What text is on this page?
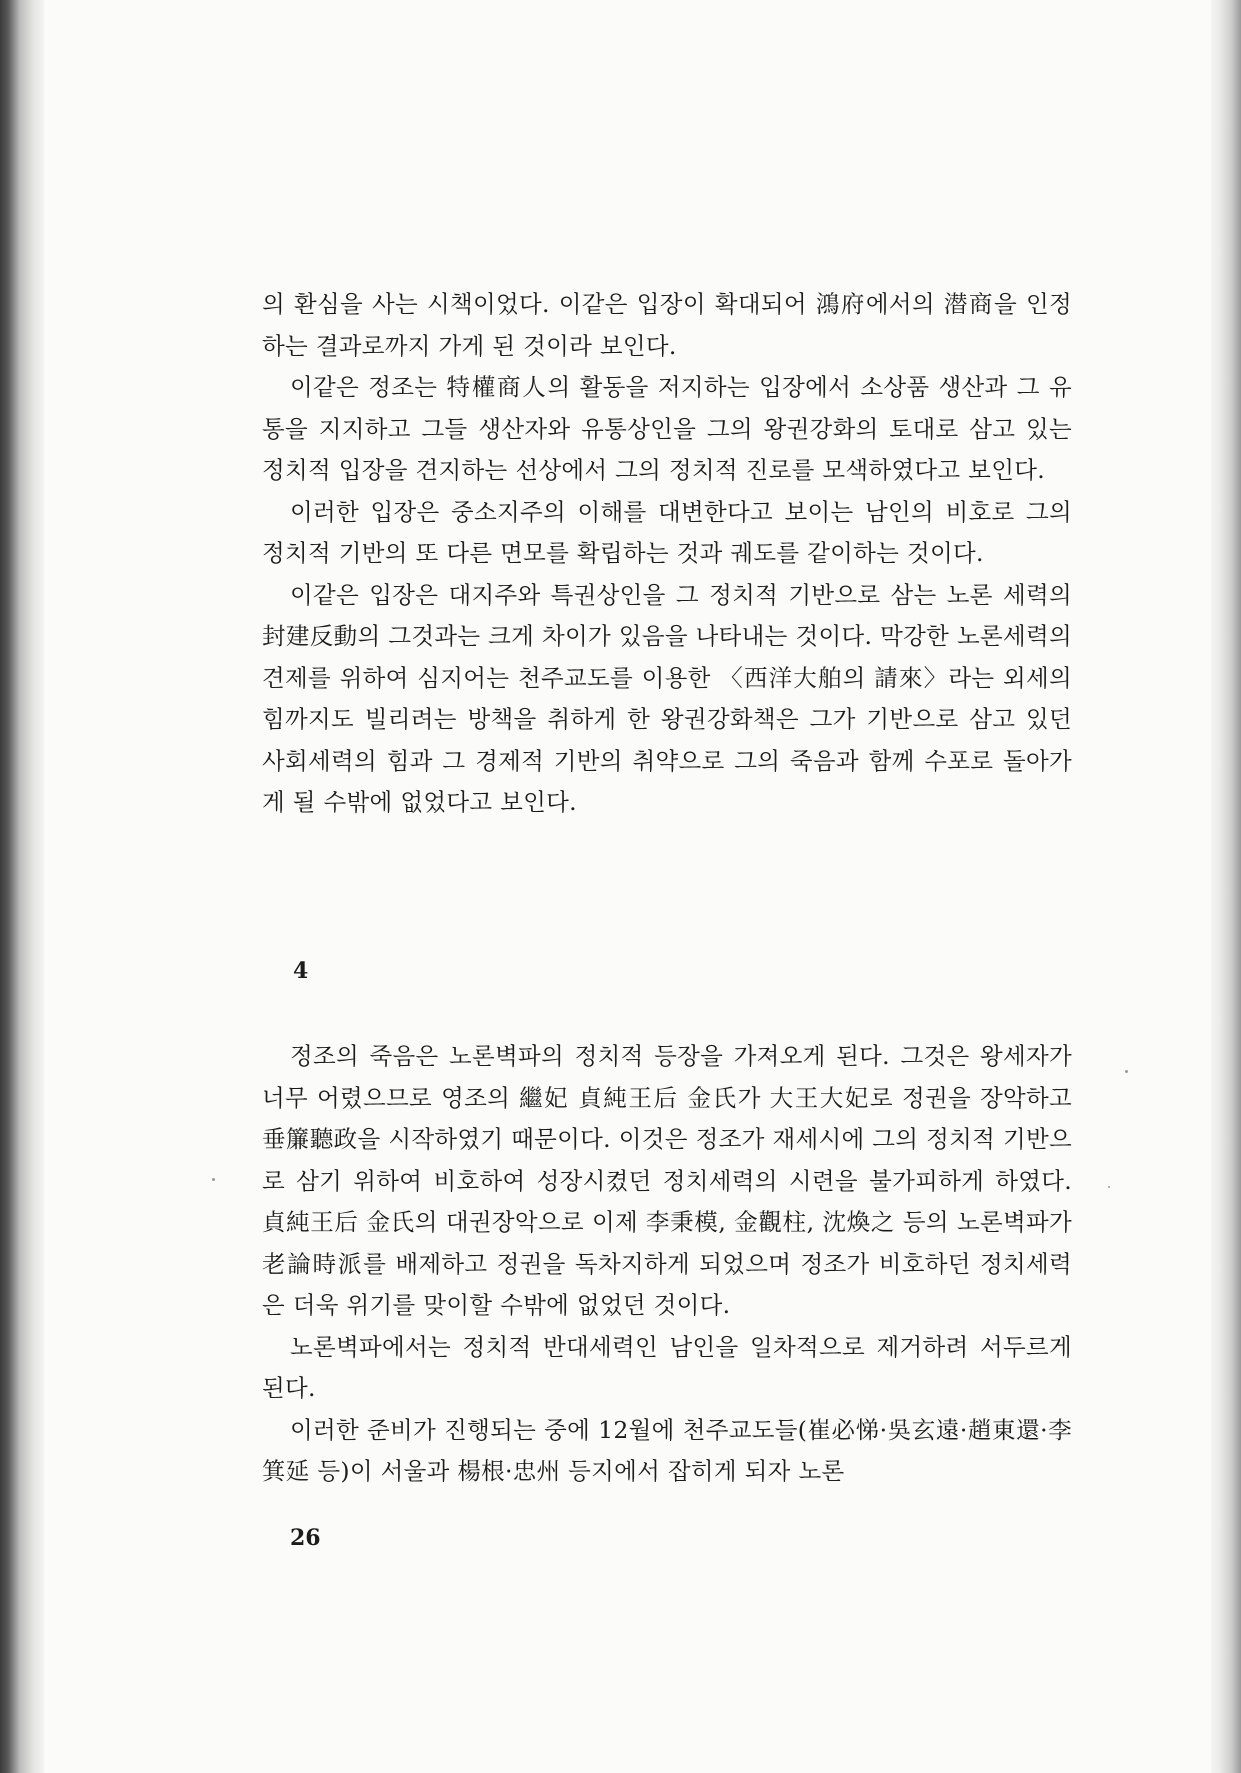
의 환심을 사는 시책이었다. 이같은 입장이 확대되어 鴻府에서의 潜商을 인정하는 결과로까지 가게 된 것이라 보인다.

이같은 정조는 特權商人의 활동을 저지하는 입장에서 소상품 생산과 그 유통을 지지하고 그들 생산자와 유통상인을 그의 왕권강화의 토대로 삼고 있는 정치적 입장을 견지하는 선상에서 그의 정치적 진로를 모색하였다고 보인다.

이러한 입장은 중소지주의 이해를 대변한다고 보이는 남인의 비호로 그의 정치적 기반의 또 다른 면모를 확립하는 것과 궤도를 같이하는 것이다.

이같은 입장은 대지주와 특권상인을 그 정치적 기반으로 삼는 노론 세력의 封建反動의 그것과는 크게 차이가 있음을 나타내는 것이다. 막강한 노론세력의 견제를 위하여 심지어는 천주교도를 이용한 〈西洋大舶의 請來〉라는 외세의 힘까지도 빌리려는 방책을 취하게 한 왕권강화책은 그가 기반으로 삼고 있던 사회세력의 힘과 그 경제적 기반의 취약으로 그의 죽음과 함께 수포로 돌아가게 될 수밖에 없었다고 보인다.

4

정조의 죽음은 노론벽파의 정치적 등장을 가져오게 된다. 그것은 왕세자가 너무 어렸으므로 영조의 繼妃 貞純王后 金氏가 大王大妃로 정권을 장악하고 垂簾聽政을 시작하였기 때문이다. 이것은 정조가 재세시에 그의 정치적 기반으로 삼기 위하여 비호하여 성장시켰던 정치세력의 시련을 불가피하게 하였다. 貞純王后 金氏의 대권장악으로 이제 李秉模, 金觀柱, 沈煥之 등의 노론벽파가 老論時派를 배제하고 정권을 독차지하게 되었으며 정조가 비호하던 정치세력은 더욱 위기를 맞이할 수밖에 없었던 것이다.

노론벽파에서는 정치적 반대세력인 남인을 일차적으로 제거하려 서두르게 된다.

이러한 준비가 진행되는 중에 12월에 천주교도들(崔必悌·吳玄遠·趙東還·李箕延 등)이 서울과 楊根·忠州 등지에서 잡히게 되자 노론

26
